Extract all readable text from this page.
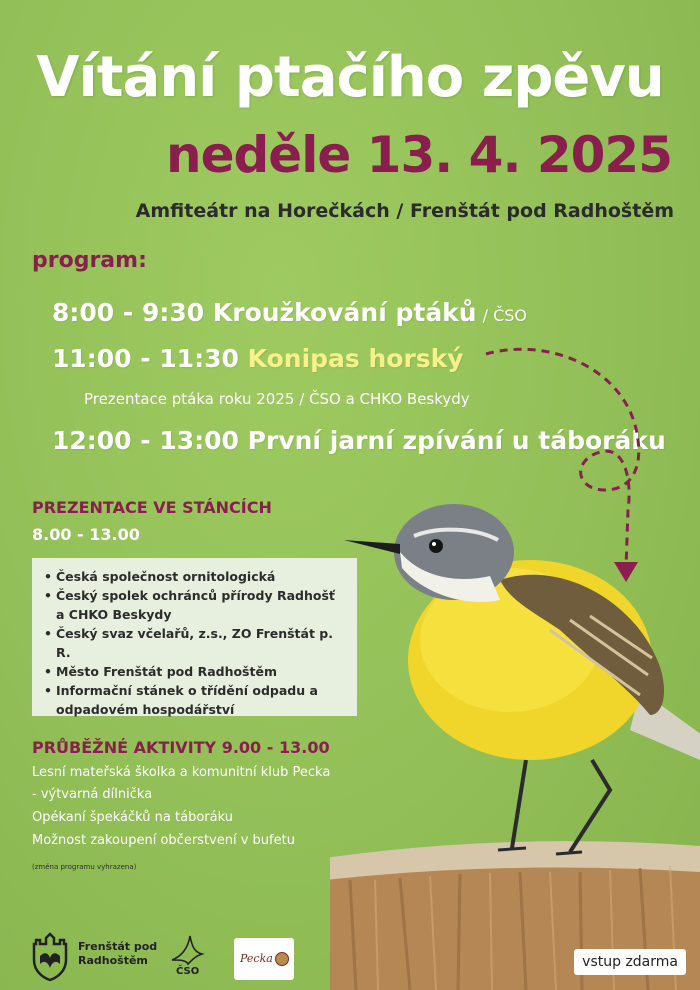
Vítání ptačího zpěvu
neděle 13. 4. 2025
Amfiteátr na Horečkách / Frenštát pod Radhoštěm
program:
8:00 - 9:30 Kroužkování ptáků / ČSO
11:00 - 11:30 Konipas horský
Prezentace ptáka roku 2025 / ČSO a CHKO Beskydy
12:00 - 13:00 První jarní zpívání u táboráku
PREZENTACE VE STÁNCÍCH
8.00 - 13.00
• Česká společnost ornitologická
• Český spolek ochránců přírody Radhošť a CHKO Beskydy
• Český svaz včelařů, z.s., ZO Frenštát p. R.
• Město Frenštát pod Radhoštěm
• Informační stánek o třídění odpadu a odpadovém hospodářství
PRŮBĚŽNÉ AKTIVITY 9.00 - 13.00
Lesní mateřská školka a komunitní klub Pecka
- výtvarná dílnička
Opékaní špekáčků na táboráku
Možnost zakoupení občerstvení v bufetu
(změna programu vyhrazena)
Frenštát pod
Radhoštěm
ČSO
Pecka	vstup zdarma
